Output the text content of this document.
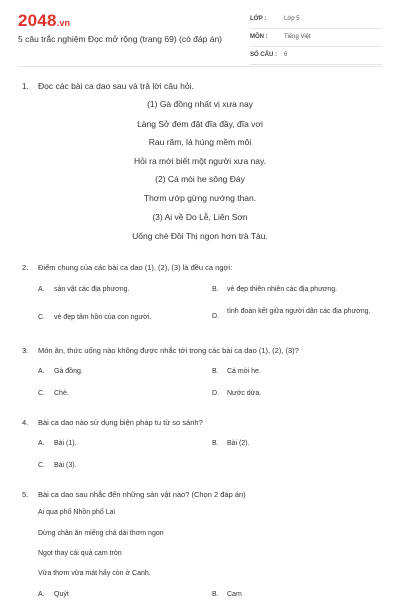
2048.vn
5 câu trắc nghiệm Đọc mở rộng (trang 69) (có đáp án)
LỚP :	Lớp 5
MÔN :	Tiếng Việt
SỐ CÂU : 6
1. Đọc các bài ca dao sau và trả lời câu hỏi.
(1) Gà đồng nhất vị xưa nay
Làng Sở đem đặt đĩa đầy, đĩa vơi
Rau răm, lá húng mềm môi
Hỏi ra mới biết một người xưa nay.
(2) Cá mòi he sông Đáy
Thơm ướp gừng nướng than.
(3) Ai về Do Lễ, Liên Sơn
Uống chè Đồi Thị ngon hơn trà Tàu.
2. Điểm chung của các bài ca dao (1), (2), (3) là đều ca ngợi:
A. sản vật các địa phương.	B. vẻ đẹp thiên nhiên các địa phương.
C. vẻ đẹp tâm hồn của con người.	D.
tình đoàn kết giữa người dân các địa phương.
3. Món ăn, thức uống nào không được nhắc tới trong các bài ca dao (1), (2), (3)?
A. Gà đồng.	B. Cá mòi he.
C. Chè.	D. Nước dừa.
4. Bài ca dao nào sử dụng biện pháp tu từ so sánh?
A. Bài (1).	B. Bài (2).
C. Bài (3).
5. Bài ca dao sau nhắc đến những sản vật nào? (Chọn 2 đáp án)
Ai qua phố Nhồn phố Lai
Dừng chân ăn miếng chả dài thơm ngon
Ngọt thay cái quả cam tròn
Vừa thơm vừa mát hấy còn ở Canh.
A. Quýt	B. Cam
